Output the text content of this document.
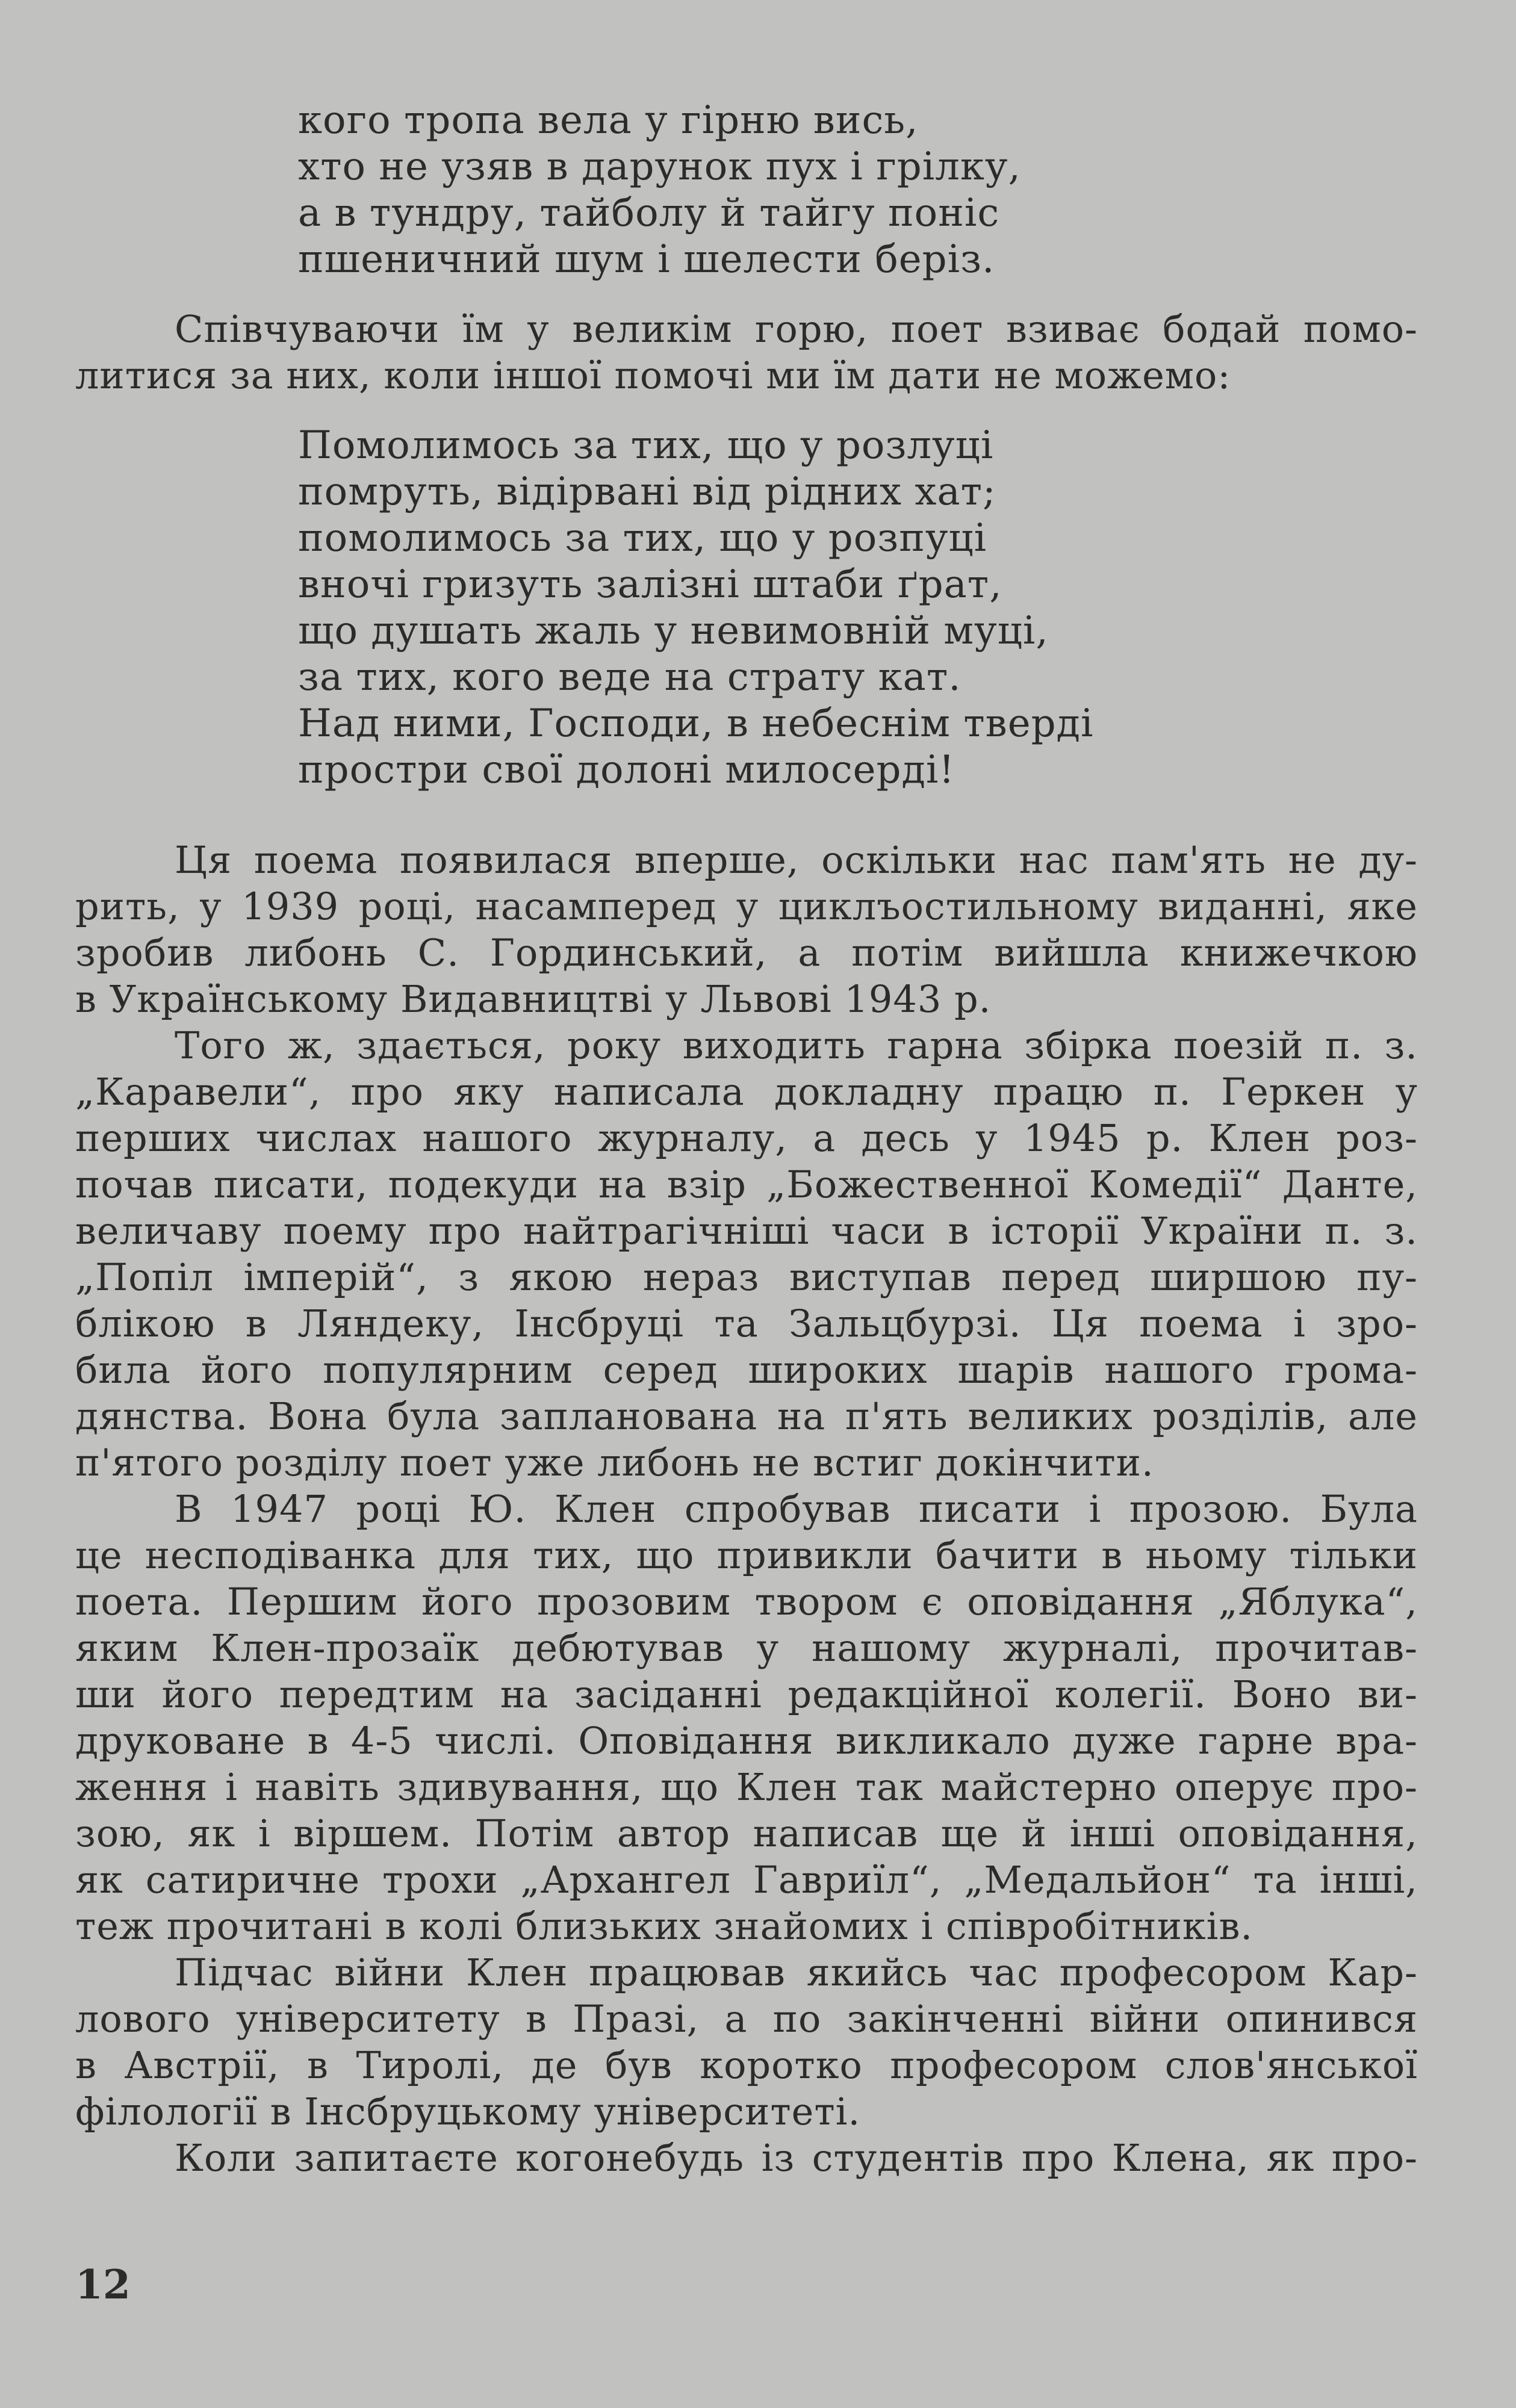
кого тропа вела у гірню вись,
хто не узяв в дарунок пух і грілку,
а в тундру, тайболу й тайгу поніс
пшеничний шум і шелести беріз.
Співчуваючи їм у великім горю, поет взиває бодай помо-
литися за них, коли іншої помочі ми їм дати не можемо:
Помолимось за тих, що у розлуці
помруть, відірвані від рідних хат;
помолимось за тих, що у розпуці
вночі гризуть залізні штаби ґрат,
що душать жаль у невимовній муці,
за тих, кого веде на страту кат.
Над ними, Господи, в небеснім тверді
простри свої долоні милосерді!
Ця поема появилася вперше, оскільки нас пам'ять не ду-
рить, у 1939 році, насамперед у циклъостильному виданні, яке
зробив либонь С. Гординський, а потім вийшла книжечкою
в Українському Видавництві у Львові 1943 р.
Того ж, здається, року виходить гарна збірка поезій п. з.
„Каравели“, про яку написала докладну працю п. Геркен у
перших числах нашого журналу, а десь у 1945 р. Клен роз-
почав писати, подекуди на взір „Божественної Комедії“ Данте,
величаву поему про найтрагічніші часи в історії України п. з.
„Попіл імперій“, з якою нераз виступав перед ширшою пу-
блікою в Ляндеку, Інсбруці та Зальцбурзі. Ця поема і зро-
била його популярним серед широких шарів нашого грома-
дянства. Вона була запланована на п'ять великих розділів, але
п'ятого розділу поет уже либонь не встиг докінчити.
В 1947 році Ю. Клен спробував писати і прозою. Була
це несподіванка для тих, що привикли бачити в ньому тільки
поета. Першим його прозовим твором є оповідання „Яблука“,
яким Клен-прозаїк дебютував у нашому журналі, прочитав-
ши його передтим на засіданні редакційної колегії. Воно ви-
друковане в 4-5 числі. Оповідання викликало дуже гарне вра-
ження і навіть здивування, що Клен так майстерно оперує про-
зою, як і віршем. Потім автор написав ще й інші оповідання,
як сатиричне трохи „Архангел Гавриїл“, „Медальйон“ та інші,
теж прочитані в колі близьких знайомих і співробітників.
Підчас війни Клен працював якийсь час професором Кар-
лового університету в Празі, а по закінченні війни опинився
в Австрії, в Тиролі, де був коротко професором слов'янської
філології в Інсбруцькому університеті.
Коли запитаєте когонебудь із студентів про Клена, як про-
12
